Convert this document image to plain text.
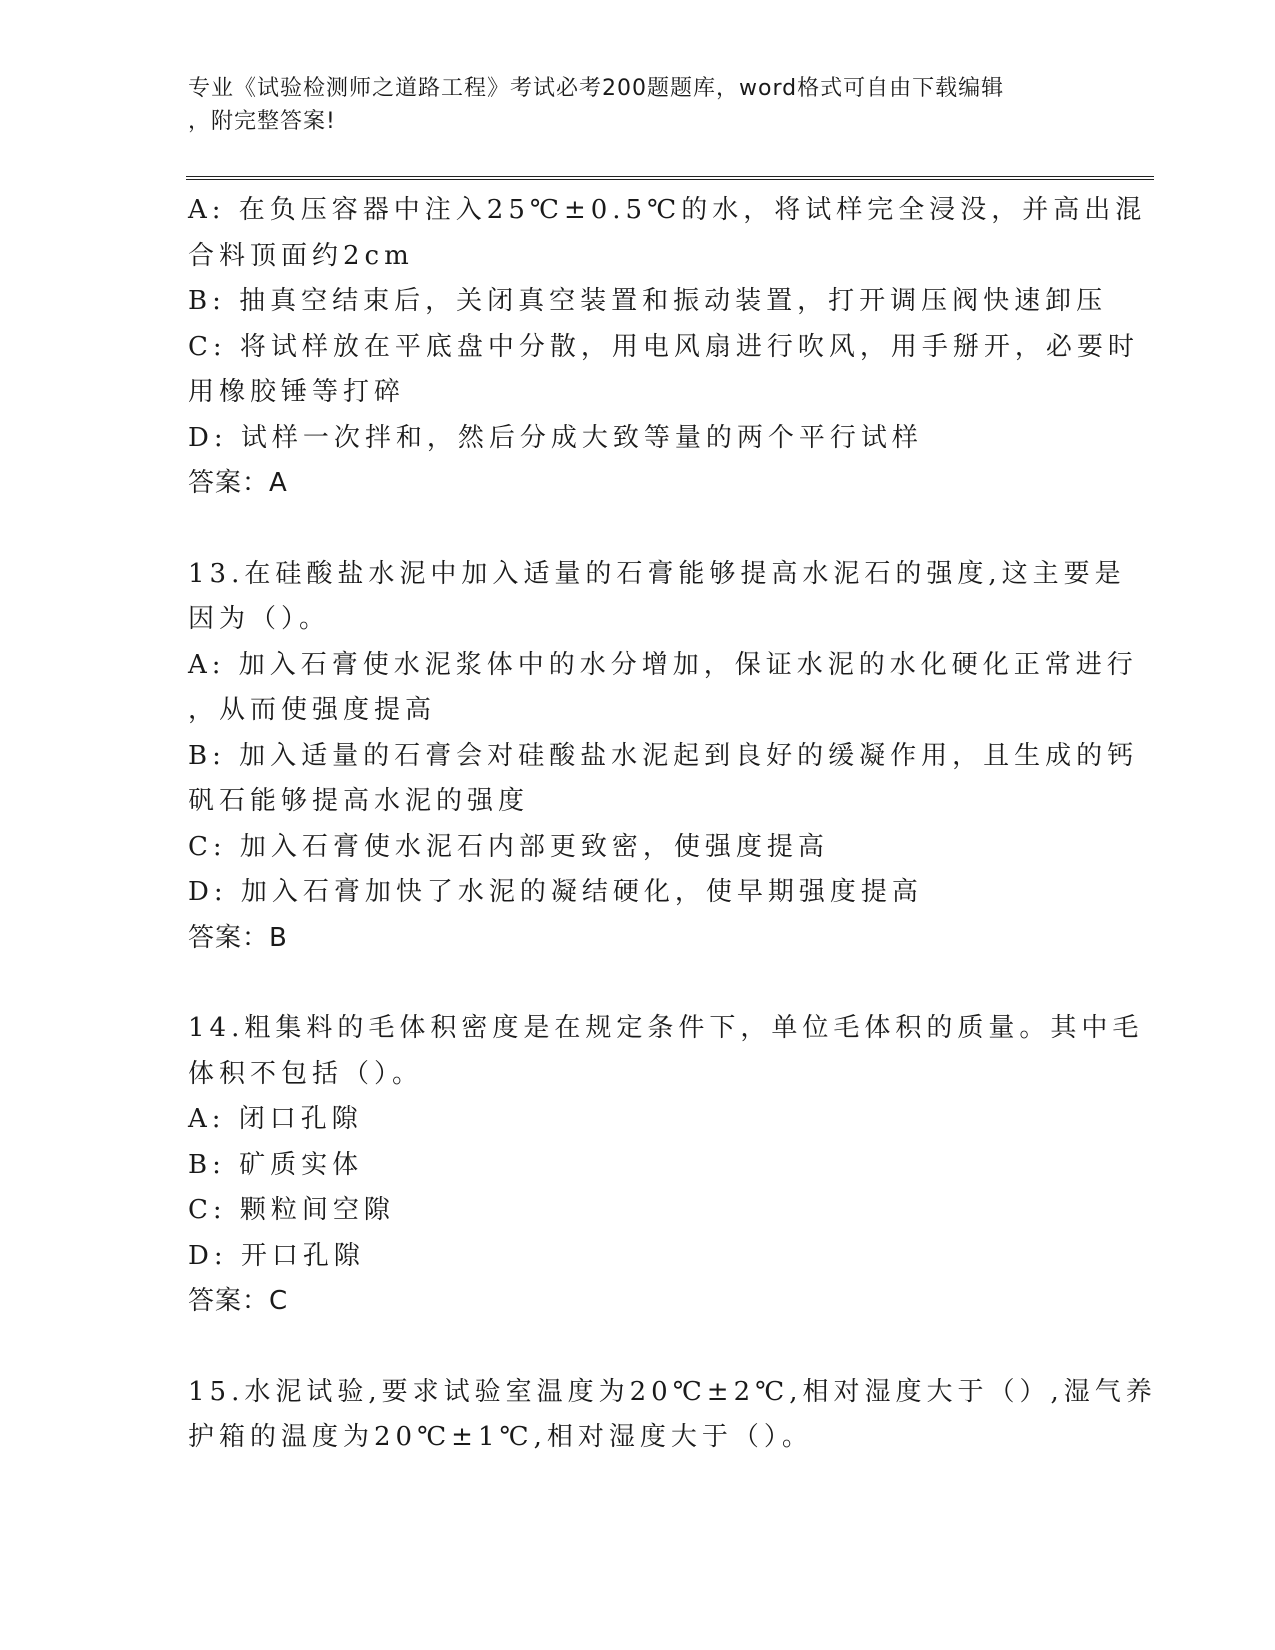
专业《试验检测师之道路工程》考试必考200题题库，word格式可自由下载编辑
，附完整答案!
A: 在负压容器中注入25℃±0.5℃的水，将试样完全浸没，并高出混
合料顶面约2cm
B: 抽真空结束后，关闭真空装置和振动装置，打开调压阀快速卸压
C: 将试样放在平底盘中分散，用电风扇进行吹风，用手掰开，必要时
用橡胶锤等打碎
D: 试样一次拌和，然后分成大致等量的两个平行试样
答案：A
13.在硅酸盐水泥中加入适量的石膏能够提高水泥石的强度,这主要是
因为（）。
A: 加入石膏使水泥浆体中的水分增加，保证水泥的水化硬化正常进行
，从而使强度提高
B: 加入适量的石膏会对硅酸盐水泥起到良好的缓凝作用，且生成的钙
矾石能够提高水泥的强度
C: 加入石膏使水泥石内部更致密，使强度提高
D: 加入石膏加快了水泥的凝结硬化，使早期强度提高
答案：B
14.粗集料的毛体积密度是在规定条件下，单位毛体积的质量。其中毛
体积不包括（）。
A: 闭口孔隙
B: 矿质实体
C: 颗粒间空隙
D: 开口孔隙
答案：C
15.水泥试验,要求试验室温度为20℃±2℃,相对湿度大于（）,湿气养
护箱的温度为20℃±1℃,相对湿度大于（）。
